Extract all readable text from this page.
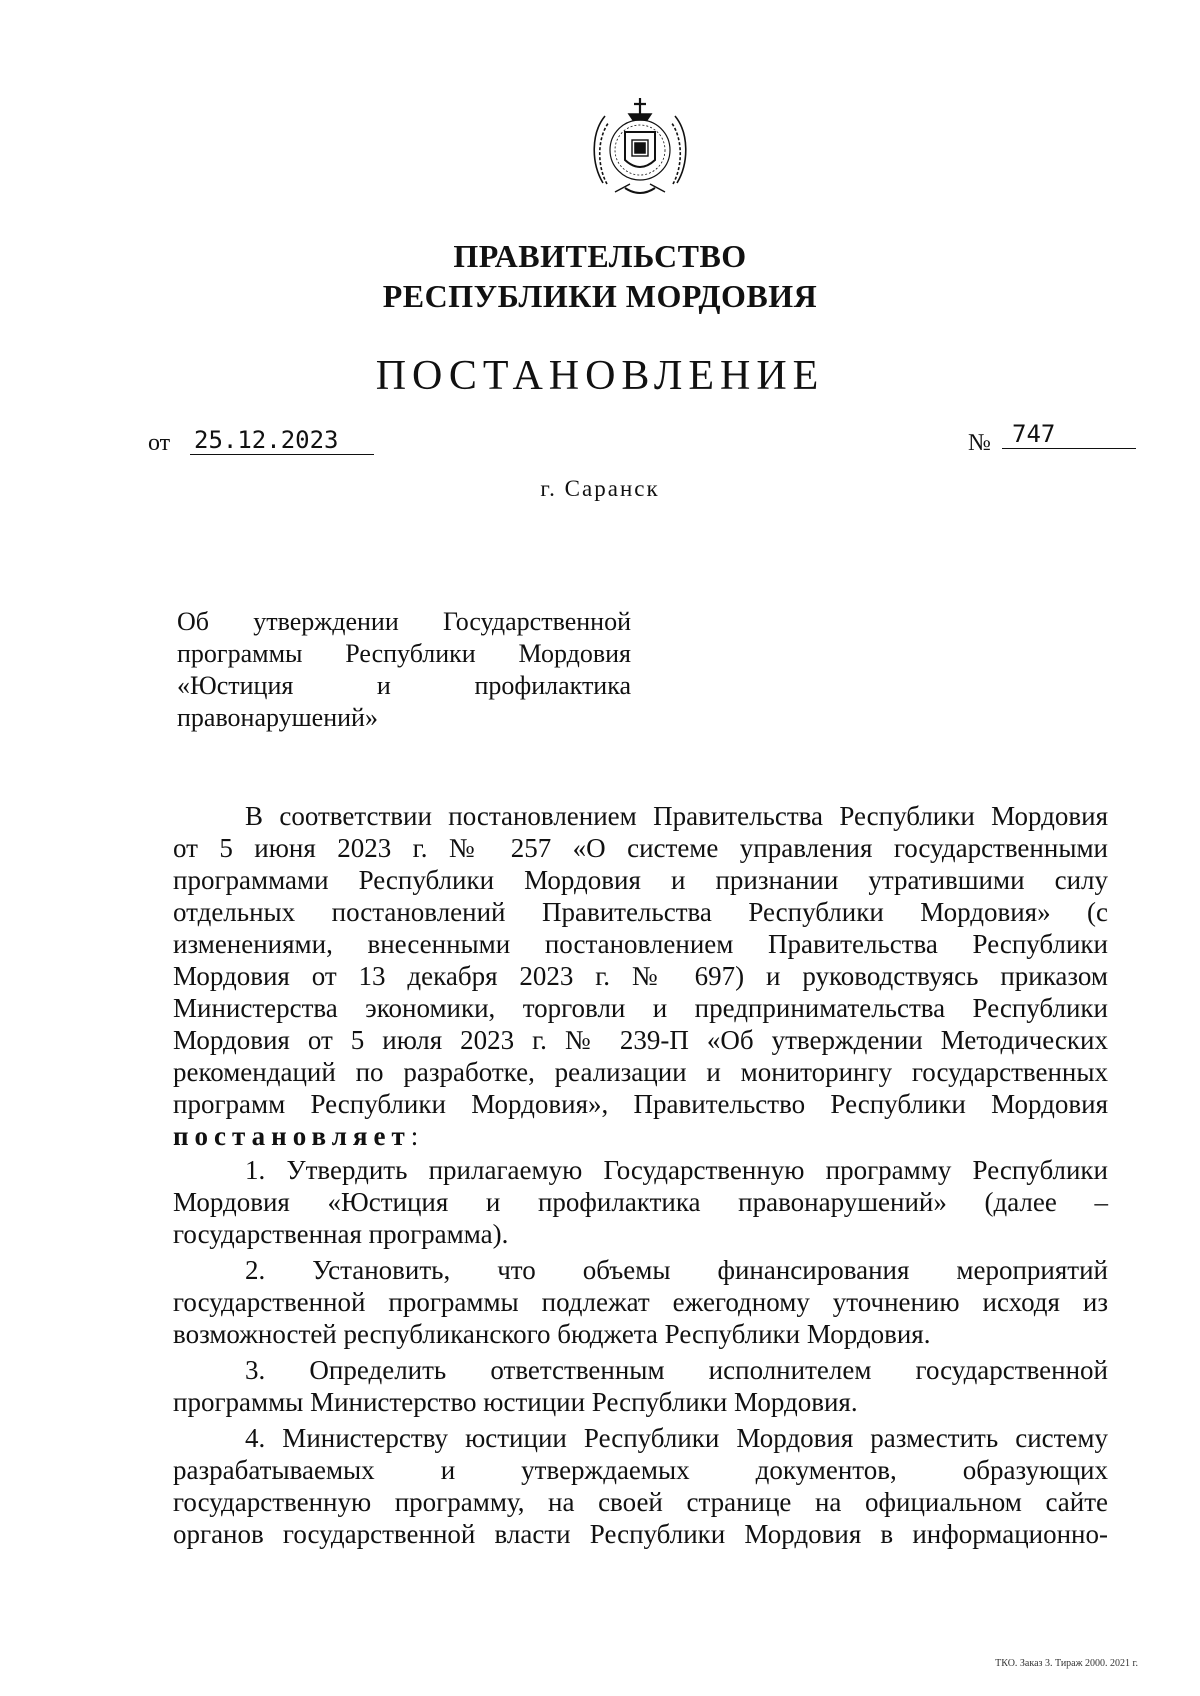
ПРАВИТЕЛЬСТВО
РЕСПУБЛИКИ МОРДОВИЯ
ПОСТАНОВЛЕНИЕ
от 25.12.2023	№ 747
г. Саранск
Об утверждении Государственной
программы Республики Мордовия
«Юстиция и профилактика
правонарушений»
В соответствии постановлением Правительства Республики Мордовия
от 5 июня 2023 г. № 257 «О системе управления государственными
программами Республики Мордовия и признании утратившими силу
отдельных постановлений Правительства Республики Мордовия» (с
изменениями, внесенными постановлением Правительства Республики
Мордовия от 13 декабря 2023 г. № 697) и руководствуясь приказом
Министерства экономики, торговли и предпринимательства Республики
Мордовия от 5 июля 2023 г. № 239-П «Об утверждении Методических
рекомендаций по разработке, реализации и мониторингу государственных
программ Республики Мордовия», Правительство Республики Мордовия
постановляет:
1. Утвердить прилагаемую Государственную программу Республики
Мордовия «Юстиция и профилактика правонарушений» (далее –
государственная программа).
2. Установить, что объемы финансирования мероприятий
государственной программы подлежат ежегодному уточнению исходя из
возможностей республиканского бюджета Республики Мордовия.
3. Определить ответственным исполнителем государственной
программы Министерство юстиции Республики Мордовия.
4. Министерству юстиции Республики Мордовия разместить систему
разрабатываемых и утверждаемых документов, образующих
государственную программу, на своей странице на официальном сайте
органов государственной власти Республики Мордовия в информационно-
ТКО. Заказ 3. Тираж 2000. 2021 г.
